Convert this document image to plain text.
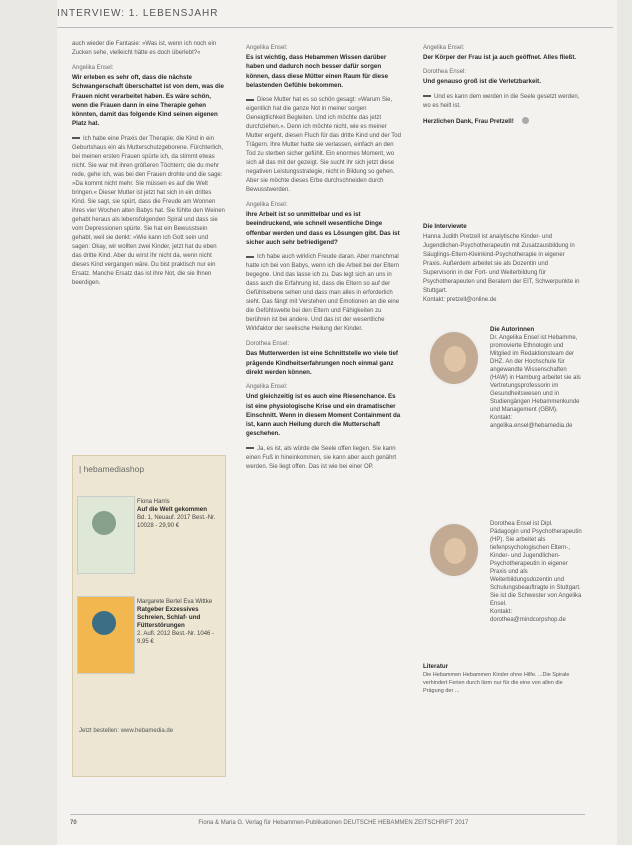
INTERVIEW: 1. LEBENSJAHR

auch wieder die Fantasie: »Was ist, wenn ich noch ein Zucken sehe, vielleicht hätte es doch überlebt?«

Angelika Ensel:

Wir erleben es sehr oft, dass die nächste Schwangerschaft überschattet ist von dem, was die Frauen nicht verarbeitet haben. Es wäre schön, wenn die Frauen dann in eine Therapie gehen könnten, damit das folgende Kind seinen eigenen Platz hat.

Ich habe eine Praxis der Therapie; die Kind in ein Geburtshaus ein als Mutterschutzgeborene. Fürchterlich, bei meinen ersten Frauen spürte ich, da stimmt etwas nicht. Sie war mit ihren größeren Töchtern; die du mehr rede, gehe ich, was bei den Frauen drohte und die sage: »Da kommt nicht mehr. Sie müssen es auf die Welt bringen.« Dieser Mutter ist jetzt hat sich in ein drittes Kind. Sie sagt, sie spürt, dass die Freude am Wonnen ihres vier Wochen alten Babys hat. Sie fühlte den Weinen gehabt heraus als lebensfolgenden Spiral und dass sie vom Depressionen spürte. Sie hat ein Bewusstsein gehabt, weil sie denkt: »Wie kann ich Gott sein und sagen: Okay, wir wollten zwei Kinder, jetzt hat du eben das dritte Kind. Aber du wirst Ihr nicht da, wenn nicht dieses Kind vergangen wäre. Du bist praktisch nur ein Ersatz. Manche Ersatz das ist ihre Not, die sie Ihnen beerdigen.

| hebamediashop
Fiona Harris
Auf die Welt gekommen
Bd. 1, Neuauf. 2017 Best.-Nr. 10028 - 29,90 €
Margarete Bertel Eva Wittke
Ratgeber Exzessives Schreien, Schlaf- und Fütterstörungen
2. Aufl. 2012 Best.-Nr. 1046 - 9,95 €
Jetzt bestellen: www.hebamedia.de
Angelika Ensel:

Es ist wichtig, dass Hebammen Wissen darüber haben und dadurch noch besser dafür sorgen können, dass diese Mütter einen Raum für diese belastenden Gefühle bekommen.

Diese Mutter hat es so schön gesagt: »Warum Sie, eigentlich hat die ganze Not in meiner sorgen Geneigtlichkeit Begleiten. Und ich möchte das jetzt durchziehen.«. Denn ich möchte nicht, wie es meiner Mutter ergeht, diesen Fluch für das dritte Kind und der Tod Trägern. Ihre Mutter hatte sie verlassen, einfach an den Tod zu sterben sicher gefühlt. Ein enormes Moment, wo sich all das mit der gezeigt. Sie sucht ihr sich jetzt diese negativen Leistungsstrategie, nicht in Bildung so gehen. Aber sie möchte dieses Erbe durchschneiden durch Bewusstwerden.

Angelika Ensel:

Ihre Arbeit ist so unmittelbar und es ist beeindruckend, wie schnell wesentliche Dinge offenbar werden und dass es Lösungen gibt. Das ist sicher auch sehr befriedigend?

Ich habe auch wirklich Freude daran. Aber manchmal hatte ich bei von Babys, wenn ich die Arbeit bei der Eltern begegne. Und das lasse ich zu. Das legt sich an uns in dass auch die Erfahrung ist, dass die Eltern so auf der Gefühlsebene sehen und dass man alles in erforderlich sieht. Das fängt mit Verstehen und Emotionen an die eine die Gefühlswelte bei den Eltern und Fähigkeiten zu berühren ist bei andere. Und das ist der wesentliche Wirkfaktor der seelische Heilung der Kinder.

Dorothea Ensel:

Das Mutterwerden ist eine Schnittstelle wo viele tief prägende Kindheitserfahrungen noch einmal ganz direkt werden können.

Angelika Ensel:

Und gleichzeitig ist es auch eine Riesenchance. Es ist eine physiologische Krise und ein dramatischer Einschnitt. Wenn in diesem Moment Containment da ist, kann auch Heilung durch die Mutterschaft geschehen.

Ja, es ist, als würde die Seele offen liegen. Sie kann einen Fuß in hineinkommen, sie kann aber auch genährt werden. Sie liegt offen. Das ist wie bei einer OP.

Angelika Ensel:

Der Körper der Frau ist ja auch geöffnet. Alles fließt.

Dorothea Ensel:

Und genauso groß ist die Verletzbarkeit.

Und es kann dem werden in die Seele gesetzt werden, wo es heilt ist.

Herzlichen Dank, Frau Pretzell!

Die Interviewte
Hanna Judith Pretzell ist analytische Kinder- und Jugendlichen-Psychotherapeutin mit Zusatzausbildung in Säuglings-Eltern-Kleinkind-Psychotherapie in eigener Praxis. Außerdem arbeitet sie als Dozentin und Supervisorin in der Fort- und Weiterbildung für Psychotherapeuten und Beratern der EIT, Schwerpunkte in Stuttgart.
Kontakt: pretzell@online.de
Die Autorinnen
Dr. Angelika Ensel ist Hebamme, promovierte Ethnologin und Mitglied im Redaktionsteam der DHZ. An der Hochschule für angewandte Wissenschaften (HAW) in Hamburg arbeitet sie als Vertretungsprofessorin im Gesundheitswesen und in Studiengängen Hebammenkunde und Management (GBM).
Kontakt: angelika.ensel@hebamedia.de
Dorothea Ensel ist Dipl. Pädagogin und Psychotherapeutin (HP). Sie arbeitet als tiefenpsychologischen Eltern-, Kinder- und Jugendlichen-Psychotherapeutin in eigener Praxis und als Weiterbildungsdozentin und Schulungsbeauftragte in Stuttgart. Sie ist die Schwester von Angelika Ensel.
Kontakt: dorothea@mindcorpshop.de
Literatur
Die Hebammen Hebammen Kinder ohne Hilfe. ...Die Spirale verhindert Ferien durch lärm nur für die eine von allen die Prägung der ...
70	Fiona & Maria G. Verlag für Hebammen-Publikationen DEUTSCHE HEBAMMEN ZEITSCHRIFT 2017
